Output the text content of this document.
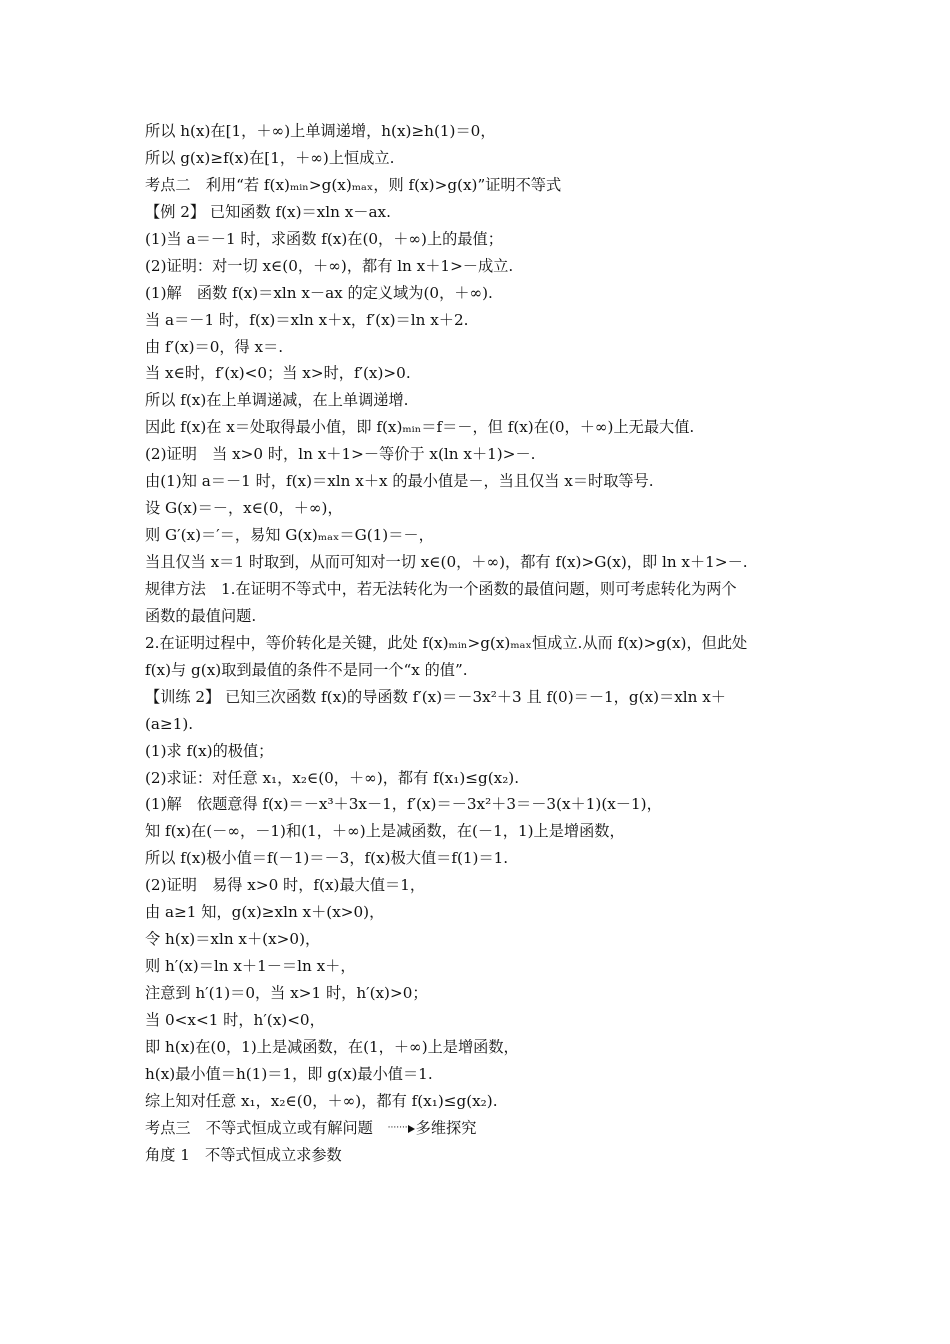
所以 h(x)在[1，＋∞)上单调递增，h(x)≥h(1)＝0，
所以 g(x)≥f(x)在[1，＋∞)上恒成立.
考点二　利用“若 f(x)ₘᵢₙ>g(x)ₘₐₓ，则 f(x)>g(x)”证明不等式
【例 2】 已知函数 f(x)＝xln x－ax.
(1)当 a＝－1 时，求函数 f(x)在(0，＋∞)上的最值；
(2)证明：对一切 x∈(0，＋∞)，都有 ln x＋1>－成立.
(1)解　函数 f(x)＝xln x－ax 的定义域为(0，＋∞).
当 a＝－1 时，f(x)＝xln x＋x，f′(x)＝ln x＋2.
由 f′(x)＝0，得 x＝.
当 x∈时，f′(x)<0；当 x>时，f′(x)>0.
所以 f(x)在上单调递减，在上单调递增.
因此 f(x)在 x＝处取得最小值，即 f(x)ₘᵢₙ＝f＝－，但 f(x)在(0，＋∞)上无最大值.
(2)证明　当 x>0 时，ln x＋1>－等价于 x(ln x＋1)>－.
由(1)知 a＝－1 时，f(x)＝xln x＋x 的最小值是－，当且仅当 x＝时取等号.
设 G(x)＝－，x∈(0，＋∞)，
则 G′(x)＝′＝，易知 G(x)ₘₐₓ＝G(1)＝－，
当且仅当 x＝1 时取到，从而可知对一切 x∈(0，＋∞)，都有 f(x)>G(x)，即 ln x＋1>－.
规律方法　1.在证明不等式中，若无法转化为一个函数的最值问题，则可考虑转化为两个
函数的最值问题.
2.在证明过程中，等价转化是关键，此处 f(x)ₘᵢₙ>g(x)ₘₐₓ恒成立.从而 f(x)>g(x)，但此处
f(x)与 g(x)取到最值的条件不是同一个“x 的值”.
【训练 2】 已知三次函数 f(x)的导函数 f′(x)＝－3x²＋3 且 f(0)＝－1，g(x)＝xln x＋
(a≥1).
(1)求 f(x)的极值；
(2)求证：对任意 x₁，x₂∈(0，＋∞)，都有 f(x₁)≤g(x₂).
(1)解　依题意得 f(x)＝－x³＋3x－1，f′(x)＝－3x²＋3＝－3(x＋1)(x－1)，
知 f(x)在(－∞，－1)和(1，＋∞)上是减函数，在(－1，1)上是增函数，
所以 f(x)极小值＝f(－1)＝－3，f(x)极大值＝f(1)＝1.
(2)证明　易得 x>0 时，f(x)最大值＝1，
由 a≥1 知，g(x)≥xln x＋(x>0)，
令 h(x)＝xln x＋(x>0)，
则 h′(x)＝ln x＋1－＝ln x＋，
注意到 h′(1)＝0，当 x>1 时，h′(x)>0；
当 0<x<1 时，h′(x)<0，
即 h(x)在(0，1)上是减函数，在(1，＋∞)上是增函数，
h(x)最小值＝h(1)＝1，即 g(x)最小值＝1.
综上知对任意 x₁，x₂∈(0，＋∞)，都有 f(x₁)≤g(x₂).
考点三　不等式恒成立或有解问题 ······· 多维探究
角度 1　不等式恒成立求参数
